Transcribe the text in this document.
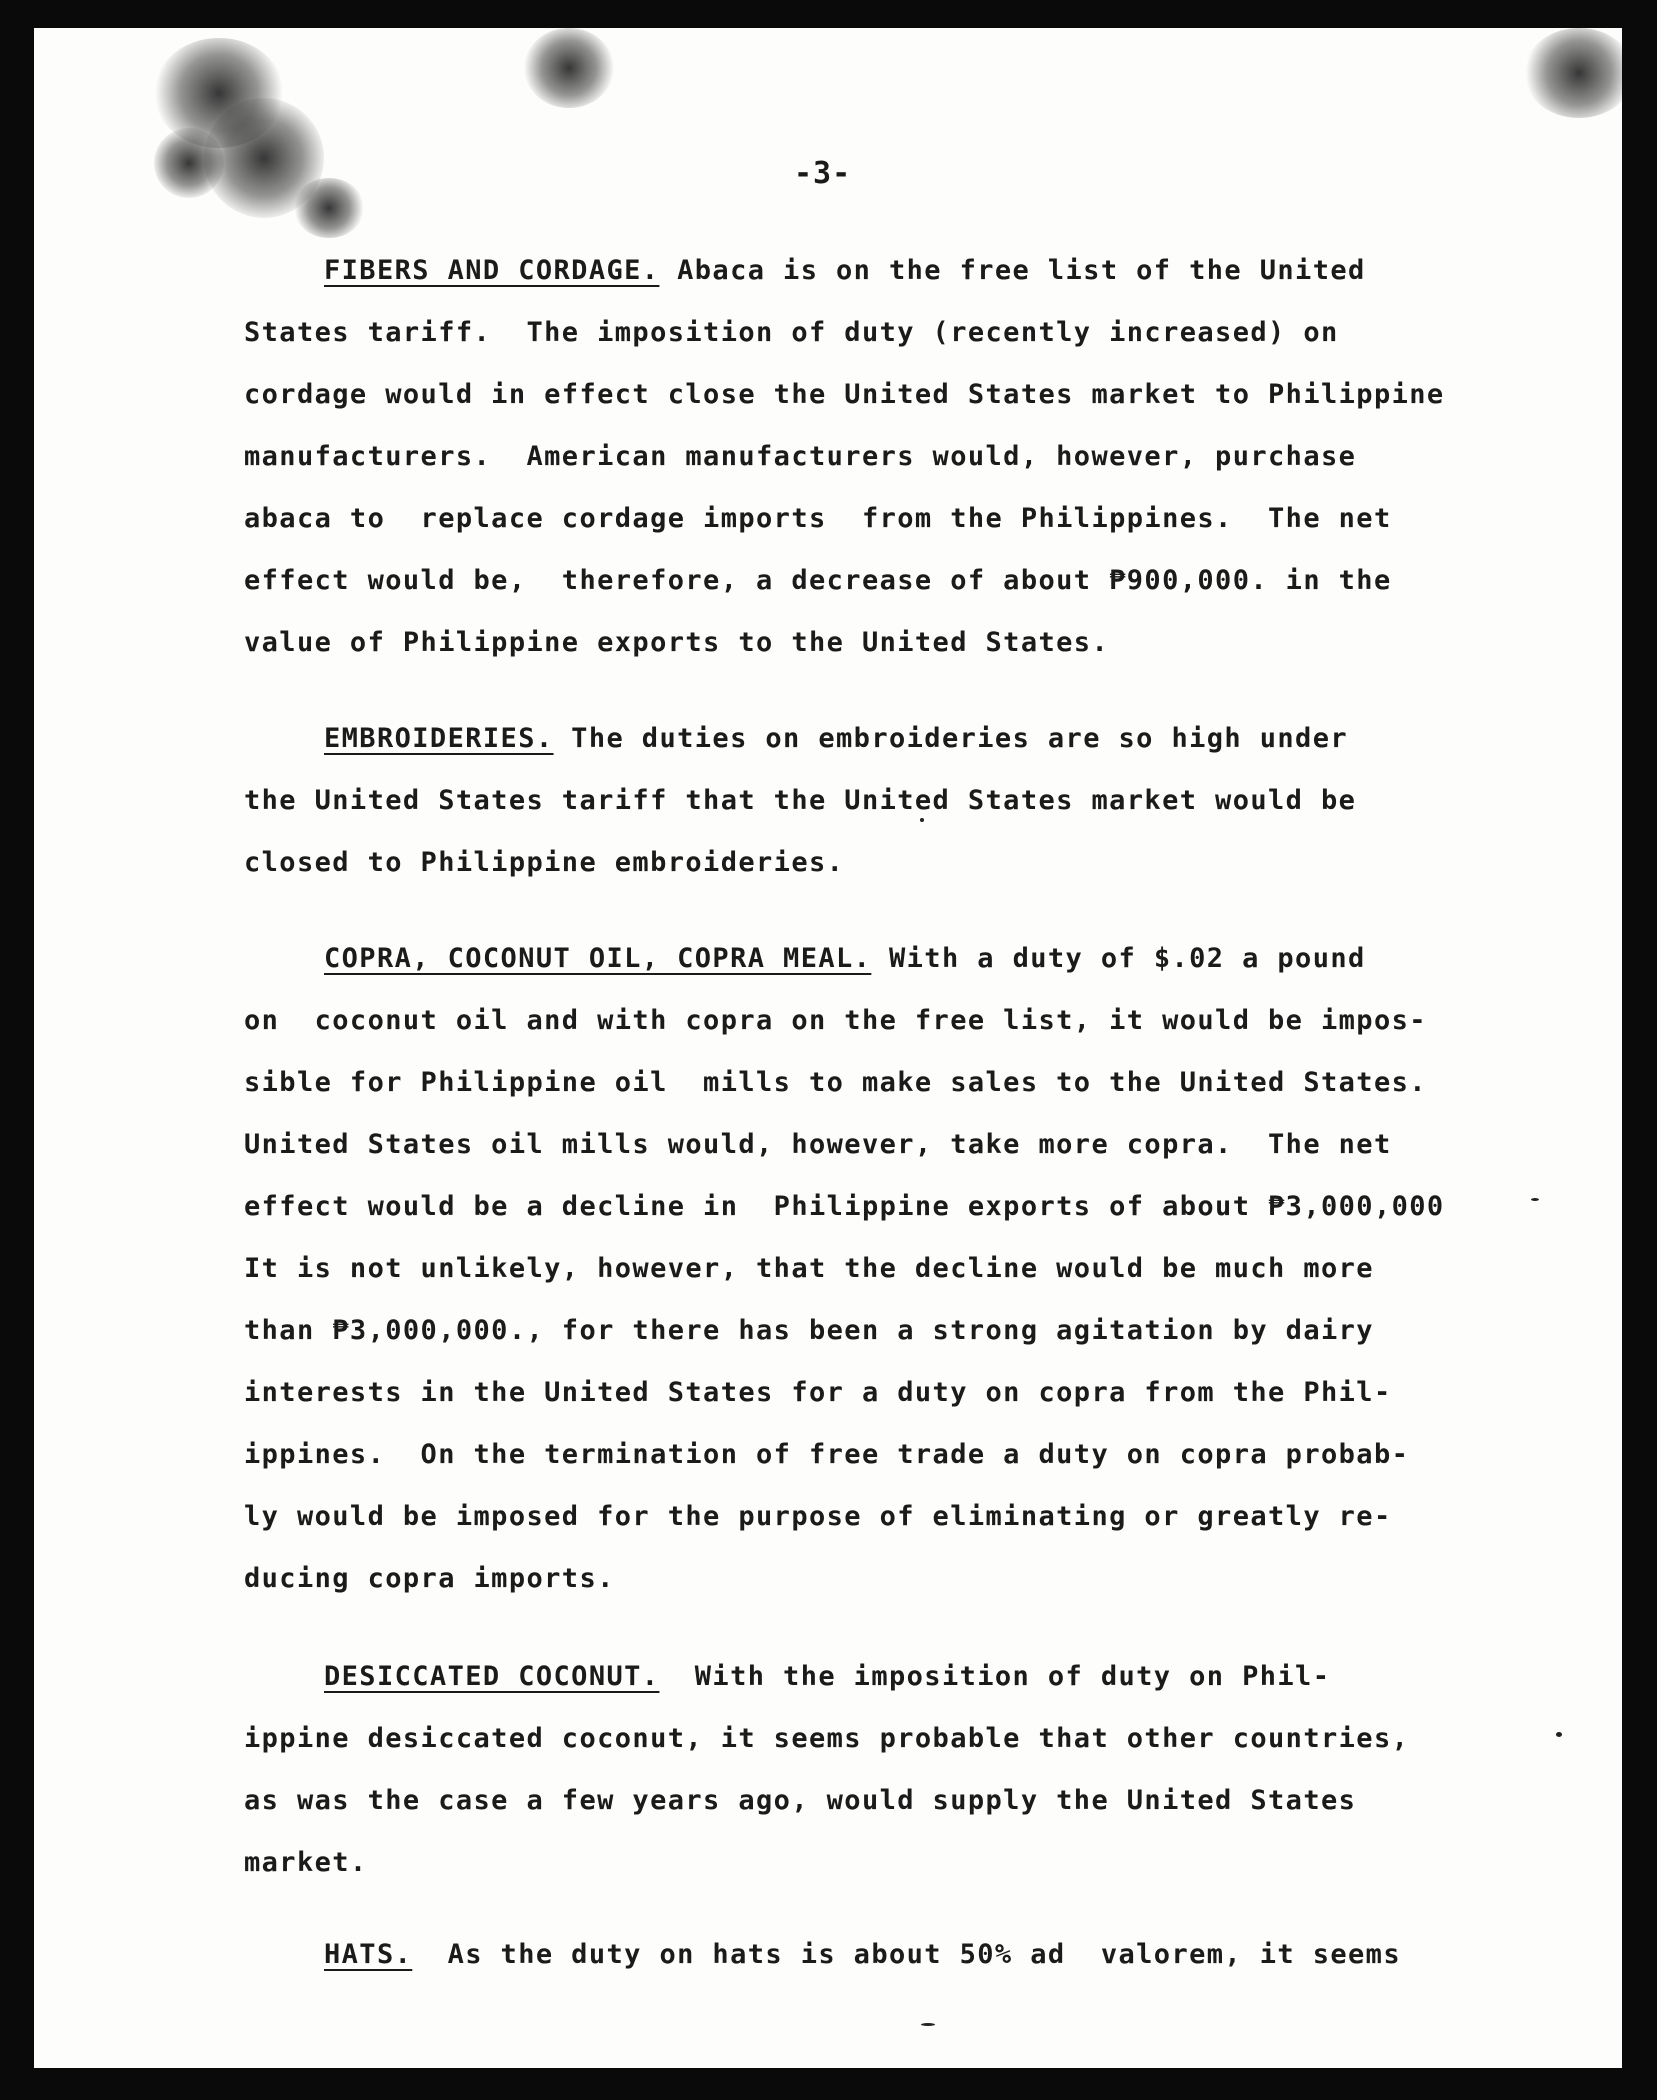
-3-
FIBERS AND CORDAGE. Abaca is on the free list of the United
States tariff.  The imposition of duty (recently increased) on
cordage would in effect close the United States market to Philippine
manufacturers.  American manufacturers would, however, purchase
abaca to  replace cordage imports  from the Philippines.  The net
effect would be,  therefore, a decrease of about ₱900,000. in the
value of Philippine exports to the United States.
EMBROIDERIES. The duties on embroideries are so high under
the United States tariff that the United States market would be
closed to Philippine embroideries.
COPRA, COCONUT OIL, COPRA MEAL. With a duty of $.02 a pound
on  coconut oil and with copra on the free list, it would be impos-
sible for Philippine oil  mills to make sales to the United States.
United States oil mills would, however, take more copra.  The net
effect would be a decline in  Philippine exports of about ₱3,000,000
It is not unlikely, however, that the decline would be much more
than ₱3,000,000., for there has been a strong agitation by dairy
interests in the United States for a duty on copra from the Phil-
ippines.  On the termination of free trade a duty on copra probab-
ly would be imposed for the purpose of eliminating or greatly re-
ducing copra imports.
DESICCATED COCONUT.  With the imposition of duty on Phil-
ippine desiccated coconut, it seems probable that other countries,
as was the case a few years ago, would supply the United States
market.
HATS.  As the duty on hats is about 50% ad  valorem, it seems
